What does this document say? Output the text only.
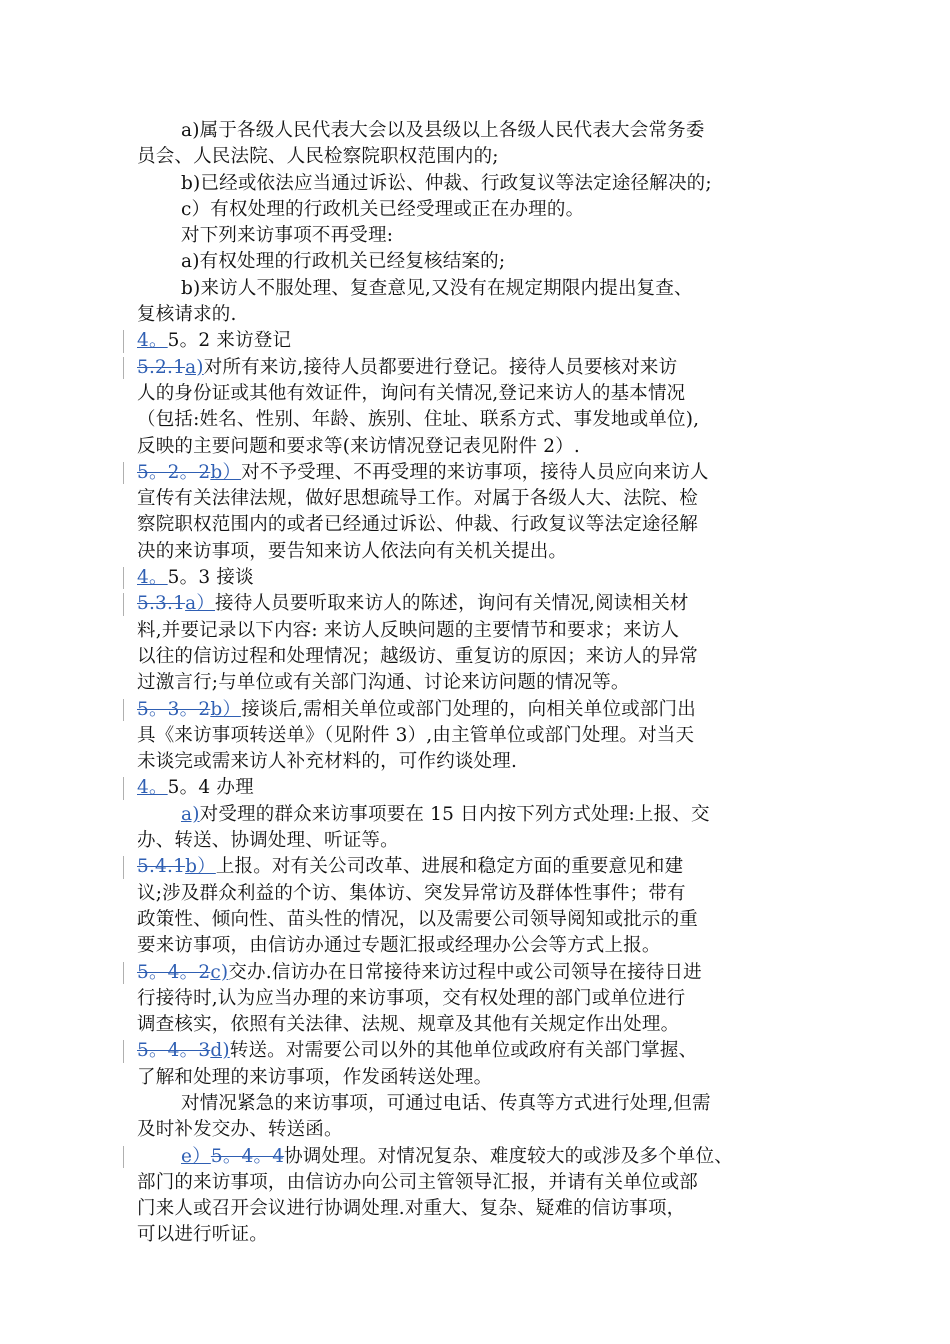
a)属于各级人民代表大会以及县级以上各级人民代表大会常务委
员会、人民法院、人民检察院职权范围内的;
b)已经或依法应当通过诉讼、仲裁、行政复议等法定途径解决的;
c）有权处理的行政机关已经受理或正在办理的。
对下列来访事项不再受理:
a)有权处理的行政机关已经复核结案的;
b)来访人不服处理、复查意见,又没有在规定期限内提出复查、
复核请求的.
4。5。2 来访登记
5.2.1a)对所有来访,接待人员都要进行登记。接待人员要核对来访
人的身份证或其他有效证件，询问有关情况,登记来访人的基本情况
（包括:姓名、性别、年龄、族别、住址、联系方式、事发地或单位),
反映的主要问题和要求等(来访情况登记表见附件 2）.
5。2。2b）对不予受理、不再受理的来访事项，接待人员应向来访人
宣传有关法律法规，做好思想疏导工作。对属于各级人大、法院、检
察院职权范围内的或者已经通过诉讼、仲裁、行政复议等法定途径解
决的来访事项，要告知来访人依法向有关机关提出。
4。5。3 接谈
5.3.1a）接待人员要听取来访人的陈述，询问有关情况,阅读相关材
料,并要记录以下内容: 来访人反映问题的主要情节和要求；来访人
以往的信访过程和处理情况；越级访、重复访的原因；来访人的异常
过激言行;与单位或有关部门沟通、讨论来访问题的情况等。
5。3。2b）接谈后,需相关单位或部门处理的，向相关单位或部门出
具《来访事项转送单》（见附件 3）,由主管单位或部门处理。对当天
未谈完或需来访人补充材料的，可作约谈处理.
4。5。4 办理
a)对受理的群众来访事项要在 15 日内按下列方式处理:上报、交
办、转送、协调处理、听证等。
5.4.1b）上报。对有关公司改革、进展和稳定方面的重要意见和建
议;涉及群众利益的个访、集体访、突发异常访及群体性事件；带有
政策性、倾向性、苗头性的情况，以及需要公司领导阅知或批示的重
要来访事项，由信访办通过专题汇报或经理办公会等方式上报。
5。4。2c)交办.信访办在日常接待来访过程中或公司领导在接待日进
行接待时,认为应当办理的来访事项，交有权处理的部门或单位进行
调查核实，依照有关法律、法规、规章及其他有关规定作出处理。
5。4。3d)转送。对需要公司以外的其他单位或政府有关部门掌握、
了解和处理的来访事项，作发函转送处理。
对情况紧急的来访事项，可通过电话、传真等方式进行处理,但需
及时补发交办、转送函。
e）5。4。4协调处理。对情况复杂、难度较大的或涉及多个单位、
部门的来访事项，由信访办向公司主管领导汇报，并请有关单位或部
门来人或召开会议进行协调处理.对重大、复杂、疑难的信访事项，
可以进行听证。
